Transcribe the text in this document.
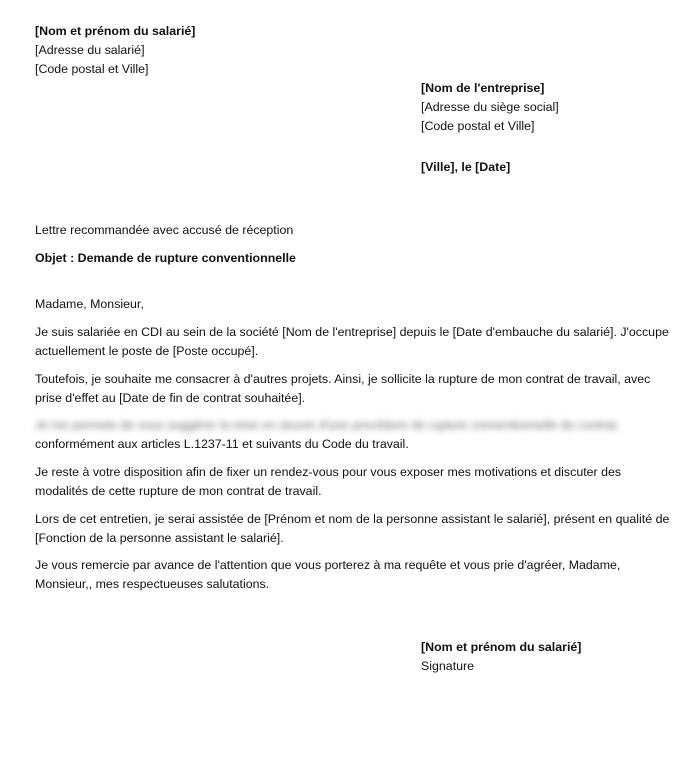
[Nom et prénom du salarié]
[Adresse du salarié]
[Code postal et Ville]
[Nom de l'entreprise]
[Adresse du siège social]
[Code postal et Ville]
[Ville], le [Date]
Lettre recommandée avec accusé de réception
Objet : Demande de rupture conventionnelle
Madame, Monsieur,
Je suis salariée en CDI au sein de la société [Nom de l'entreprise] depuis le [Date d'embauche du salarié]. J'occupe actuellement le poste de [Poste occupé].
Toutefois, je souhaite me consacrer à d'autres projets. Ainsi, je sollicite la rupture de mon contrat de travail, avec prise d'effet au [Date de fin de contrat souhaitée].
Je me permets de vous suggérer la mise en œuvre d'une procédure de rupture conventionnelle du contrat,
conformément aux articles L.1237-11 et suivants du Code du travail.
Je reste à votre disposition afin de fixer un rendez-vous pour vous exposer mes motivations et discuter des modalités de cette rupture de mon contrat de travail.
Lors de cet entretien, je serai assistée de [Prénom et nom de la personne assistant le salarié], présent en qualité de [Fonction de la personne assistant le salarié].
Je vous remercie par avance de l'attention que vous porterez à ma requête et vous prie d'agréer, Madame, Monsieur,, mes respectueuses salutations.
[Nom et prénom du salarié]
Signature
